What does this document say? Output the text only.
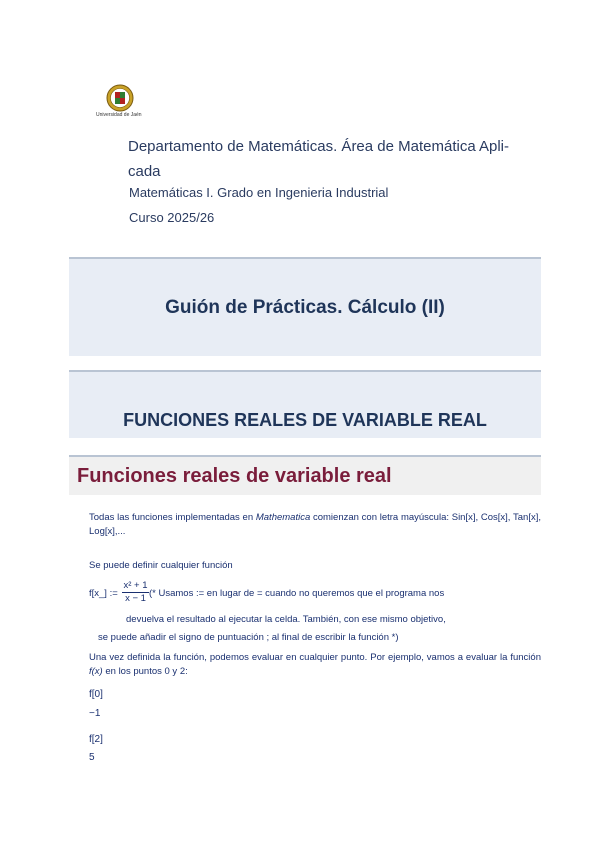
Universidad de Jaén
Departamento de Matemáticas. Área de Matemática Apli-cada
Matemáticas I. Grado en Ingenieria Industrial
Curso 2025/26
Guión de Prácticas. Cálculo (II)
FUNCIONES REALES DE VARIABLE REAL
Funciones reales de variable real
Todas las funciones implementadas en Mathematica comienzan con letra mayúscula: Sin[x], Cos[x], Tan[x], Log[x],...
Se puede definir cualquier función
f[x_] := $\frac{\text{x² + 1}}{x - 1}$ (* Usamos := en lugar de = cuando no queremos que el programa nos
devuelva el resultado al ejecutar la celda. También, con ese mismo objetivo,
se puede añadir el signo de puntuación ; al final de escribir la función *)
Una vez definida la función, podemos evaluar en cualquier punto. Por ejemplo, vamos a evaluar la función f(x) en los puntos 0 y 2:
f[0]
−1
f[2]
5
